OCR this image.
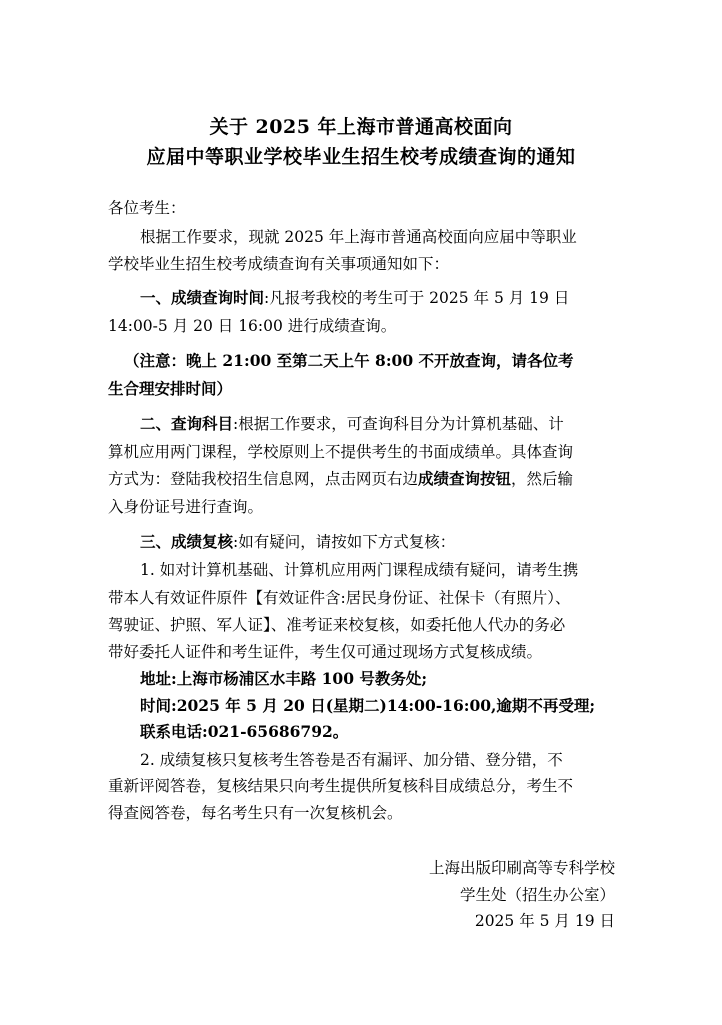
关于 2025 年上海市普通高校面向
应届中等职业学校毕业生招生校考成绩查询的通知
各位考生：
根据工作要求，现就 2025 年上海市普通高校面向应届中等职业
学校毕业生招生校考成绩查询有关事项通知如下：
一、成绩查询时间:凡报考我校的考生可于 2025 年 5 月 19 日
14:00-5 月 20 日 16:00 进行成绩查询。
（注意：晚上 21:00 至第二天上午 8:00 不开放查询，请各位考
生合理安排时间）
二、查询科目:根据工作要求，可查询科目分为计算机基础、计
算机应用两门课程，学校原则上不提供考生的书面成绩单。具体查询
方式为：登陆我校招生信息网，点击网页右边成绩查询按钮，然后输
入身份证号进行查询。
三、成绩复核:如有疑问，请按如下方式复核：
1. 如对计算机基础、计算机应用两门课程成绩有疑问，请考生携
带本人有效证件原件【有效证件含:居民身份证、社保卡（有照片）、
驾驶证、护照、军人证】、准考证来校复核，如委托他人代办的务必
带好委托人证件和考生证件，考生仅可通过现场方式复核成绩。
地址:上海市杨浦区水丰路 100 号教务处;
时间:2025 年 5 月 20 日(星期二)14:00-16:00,逾期不再受理;
联系电话:021-65686792。
2. 成绩复核只复核考生答卷是否有漏评、加分错、登分错，不
重新评阅答卷，复核结果只向考生提供所复核科目成绩总分，考生不
得查阅答卷，每名考生只有一次复核机会。
上海出版印刷高等专科学校
学生处（招生办公室）
2025 年 5 月 19 日
